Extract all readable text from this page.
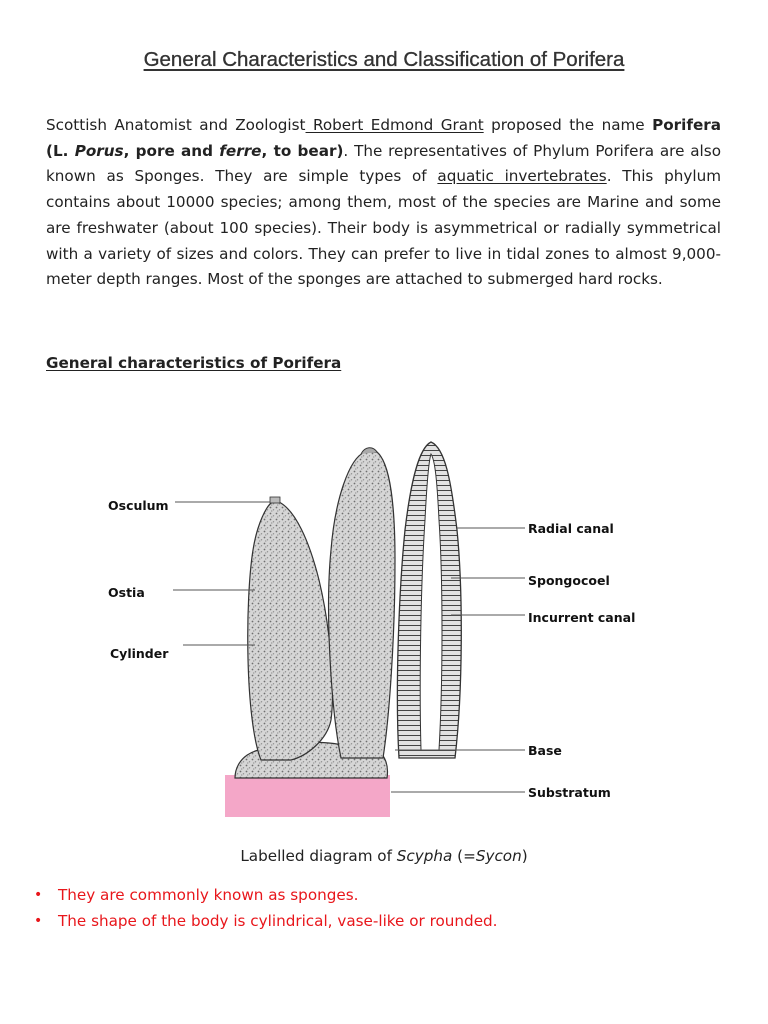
General Characteristics and Classification of Porifera

Scottish Anatomist and Zoologist Robert Edmond Grant proposed the name Porifera (L. Porus, pore and ferre, to bear). The representatives of Phylum Porifera are also known as Sponges. They are simple types of aquatic invertebrates. This phylum contains about 10000 species; among them, most of the species are Marine and some are freshwater (about 100 species). Their body is asymmetrical or radially symmetrical with a variety of sizes and colors. They can prefer to live in tidal zones to almost 9,000-meter depth ranges. Most of the sponges are attached to submerged hard rocks.

General characteristics of Porifera
Osculum
Ostia
Cylinder
Radial canal
Spongocoel
Incurrent canal
Base
Substratum

Labelled diagram of Scypha (=Sycon)

• They are commonly known as sponges.
• The shape of the body is cylindrical, vase-like or rounded.
